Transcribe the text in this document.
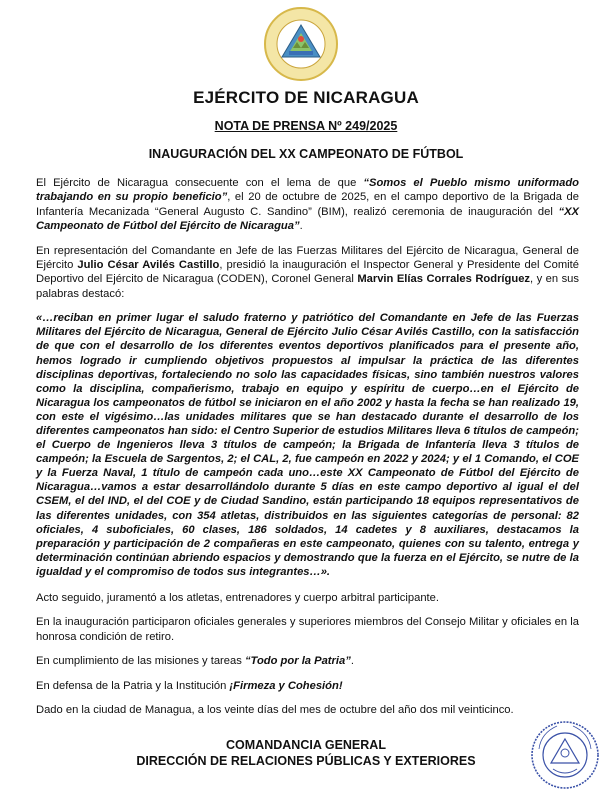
EJÉRCITO DE NICARAGUA
NOTA DE PRENSA Nº 249/2025
INAUGURACIÓN DEL XX CAMPEONATO DE FÚTBOL

El Ejército de Nicaragua consecuente con el lema de que “Somos el Pueblo mismo uniformado trabajando en su propio beneficio”, el 20 de octubre de 2025, en el campo deportivo de la Brigada de Infantería Mecanizada “General Augusto C. Sandino” (BIM), realizó ceremonia de inauguración del “XX Campeonato de Fútbol del Ejército de Nicaragua”.

En representación del Comandante en Jefe de las Fuerzas Militares del Ejército de Nicaragua, General de Ejército Julio César Avilés Castillo, presidió la inauguración el Inspector General y Presidente del Comité Deportivo del Ejército de Nicaragua (CODEN), Coronel General Marvin Elías Corrales Rodríguez, y en sus palabras destacó:

«…reciban en primer lugar el saludo fraterno y patriótico del Comandante en Jefe de las Fuerzas Militares del Ejército de Nicaragua, General de Ejército Julio César Avilés Castillo, con la satisfacción de que con el desarrollo de los diferentes eventos deportivos planificados para el presente año, hemos logrado ir cumpliendo objetivos propuestos al impulsar la práctica de las diferentes disciplinas deportivas, fortaleciendo no solo las capacidades físicas, sino también nuestros valores como la disciplina, compañerismo, trabajo en equipo y espíritu de cuerpo…en el Ejército de Nicaragua los campeonatos de fútbol se iniciaron en el año 2002 y hasta la fecha se han realizado 19, con este el vigésimo…las unidades militares que se han destacado durante el desarrollo de los diferentes campeonatos han sido: el Centro Superior de estudios Militares lleva 6 títulos de campeón; el Cuerpo de Ingenieros lleva 3 títulos de campeón; la Brigada de Infantería lleva 3 títulos de campeón; la Escuela de Sargentos, 2; el CAL, 2, fue campeón en 2022 y 2024; y el 1 Comando, el COE y la Fuerza Naval, 1 título de campeón cada uno…este XX Campeonato de Fútbol del Ejército de Nicaragua…vamos a estar desarrollándolo durante 5 días en este campo deportivo al igual el del CSEM, el del IND, el del COE y de Ciudad Sandino, están participando 18 equipos representativos de las diferentes unidades, con 354 atletas, distribuidos en las siguientes categorías de personal: 82 oficiales, 4 suboficiales, 60 clases, 186 soldados, 14 cadetes y 8 auxiliares, destacamos la preparación y participación de 2 compañeras en este campeonato, quienes con su talento, entrega y determinación continúan abriendo espacios y demostrando que la fuerza en el Ejército, se nutre de la igualdad y el compromiso de todos sus integrantes…».

Acto seguido, juramentó a los atletas, entrenadores y cuerpo arbitral participante.

En la inauguración participaron oficiales generales y superiores miembros del Consejo Militar y oficiales en la honrosa condición de retiro.

En cumplimiento de las misiones y tareas “Todo por la Patria”.

En defensa de la Patria y la Institución ¡Firmeza y Cohesión!

Dado en la ciudad de Managua, a los veinte días del mes de octubre del año dos mil veinticinco.

COMANDANCIA GENERAL
DIRECCIÓN DE RELACIONES PÚBLICAS Y EXTERIORES
